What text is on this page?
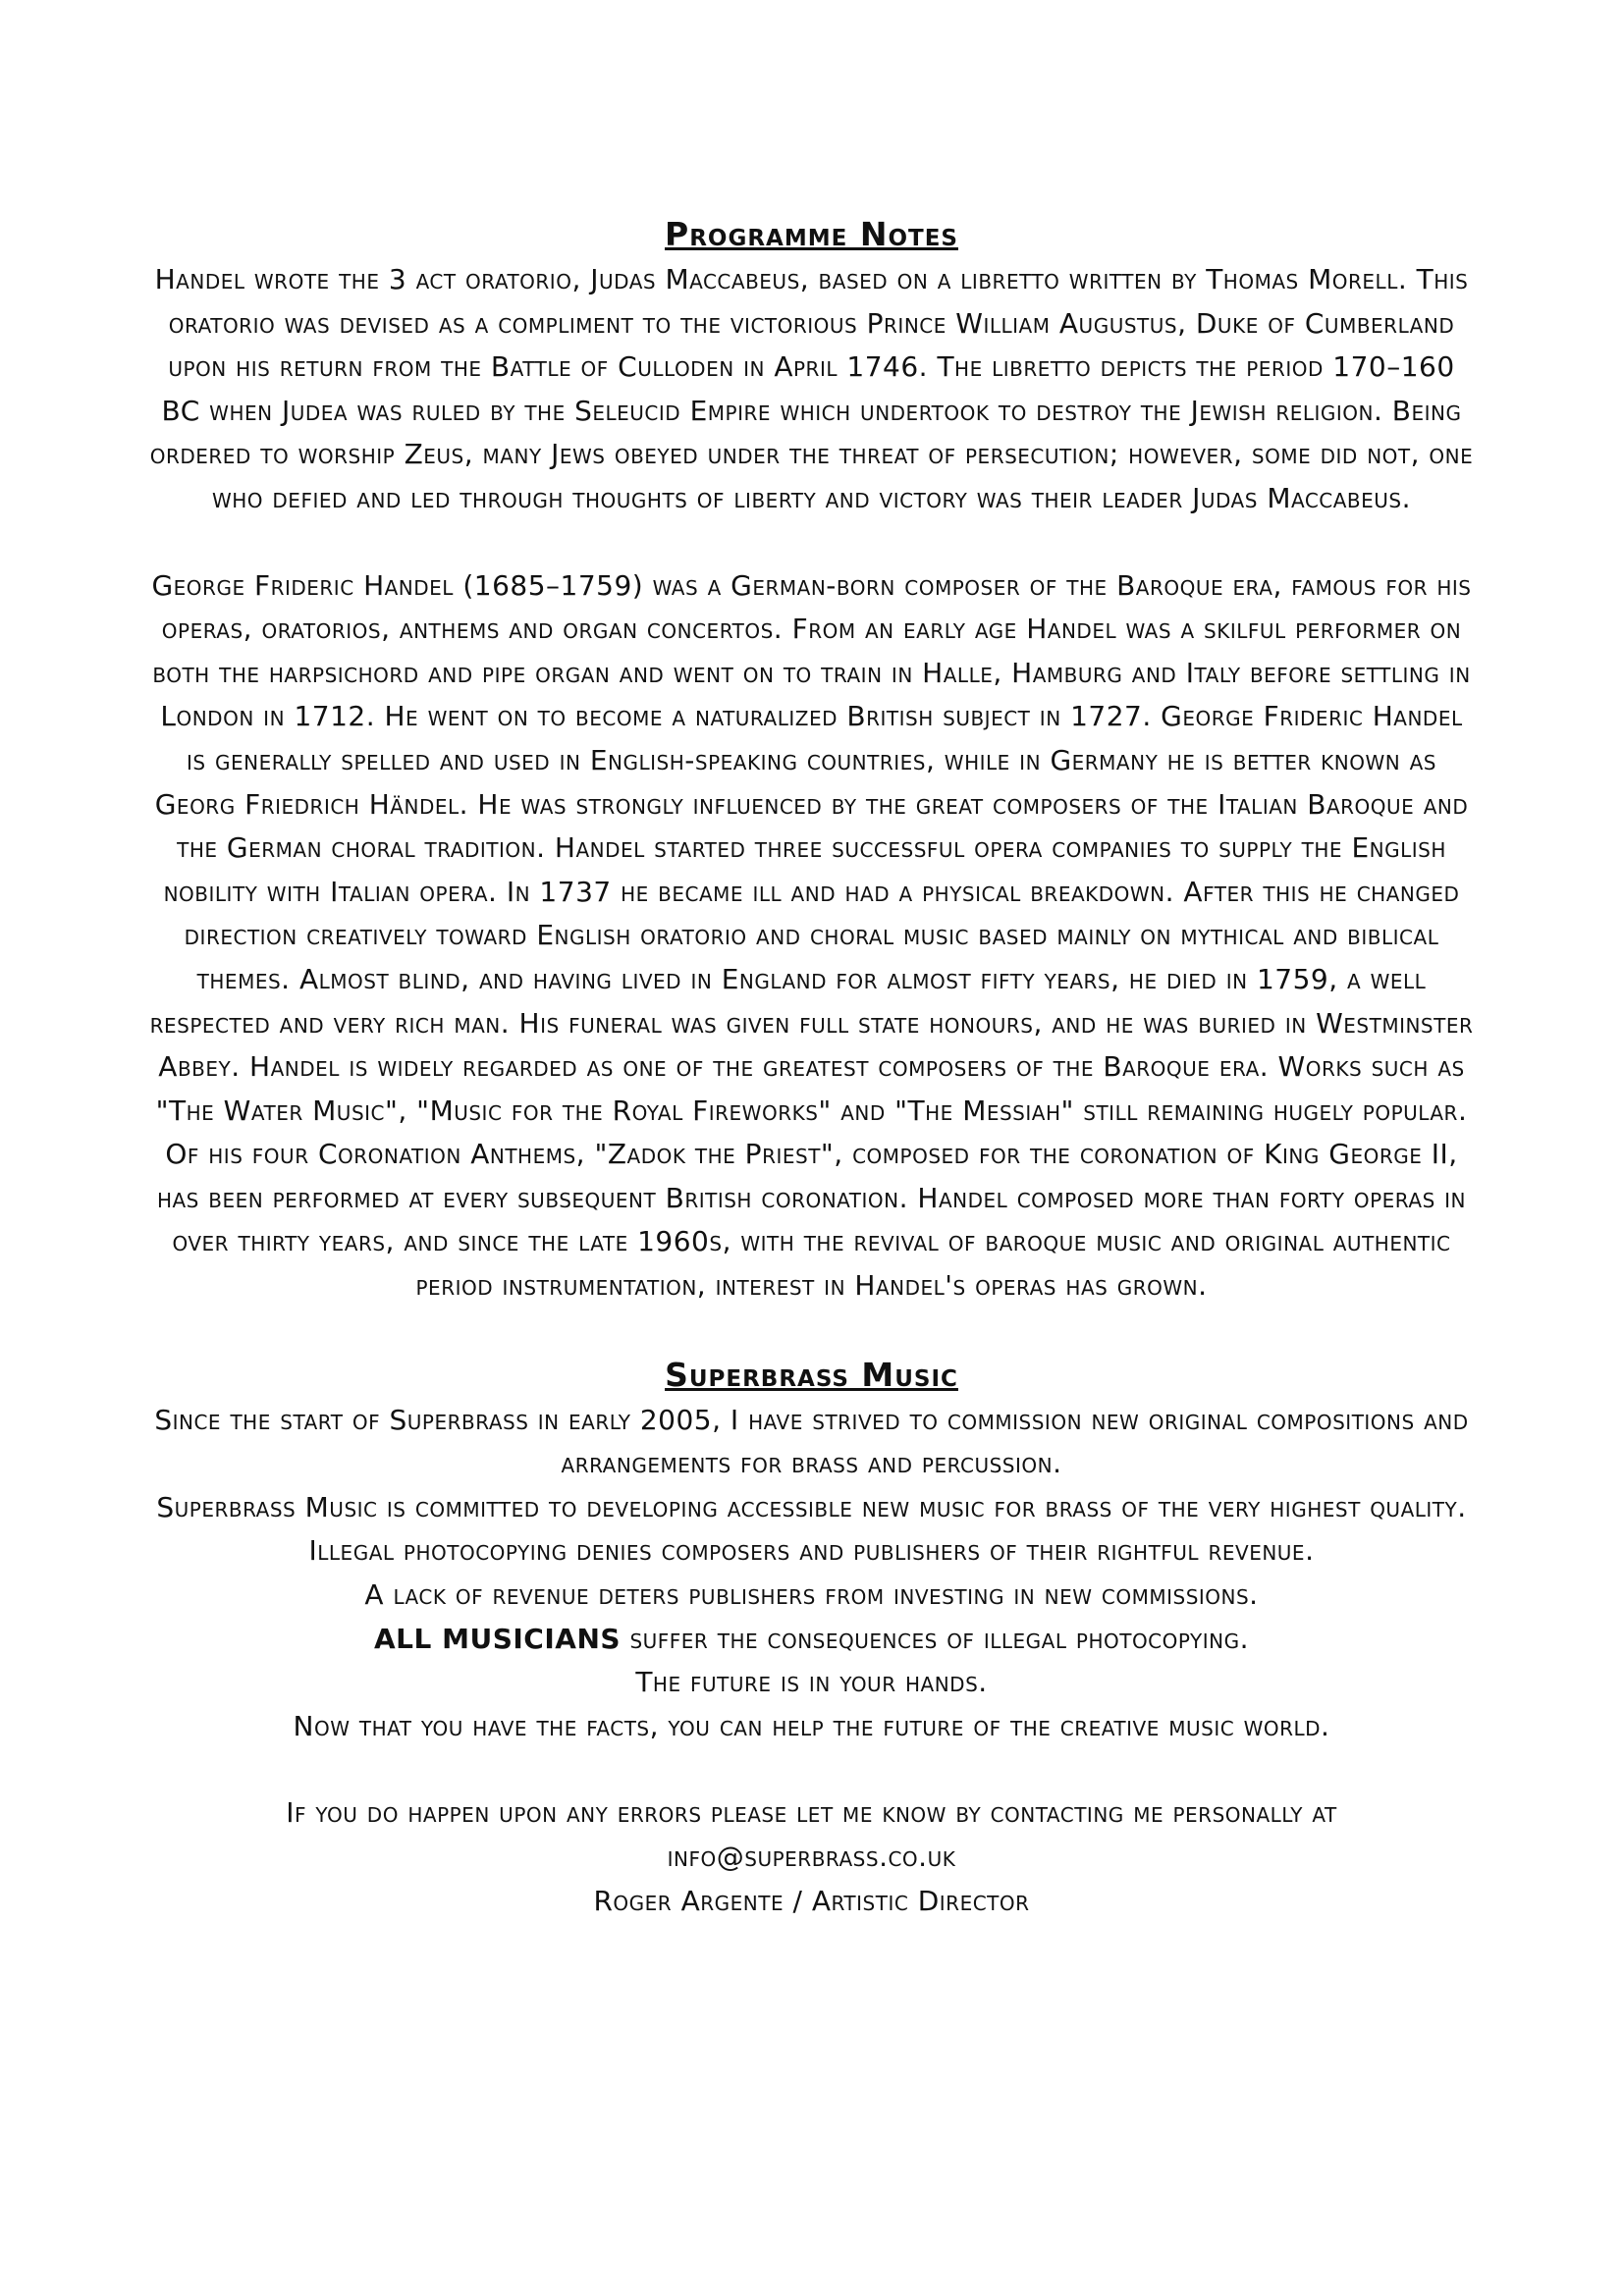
Programme Notes

Handel wrote the 3 act oratorio, Judas Maccabeus, based on a libretto written by Thomas Morell. This oratorio was devised as a compliment to the victorious Prince William Augustus, Duke of Cumberland upon his return from the Battle of Culloden in April 1746. The libretto depicts the period 170–160 BC when Judea was ruled by the Seleucid Empire which undertook to destroy the Jewish religion. Being ordered to worship Zeus, many Jews obeyed under the threat of persecution; however, some did not, one who defied and led through thoughts of liberty and victory was their leader Judas Maccabeus.

George Frideric Handel (1685–1759) was a German-born composer of the Baroque era, famous for his operas, oratorios, anthems and organ concertos. From an early age Handel was a skilful performer on both the harpsichord and pipe organ and went on to train in Halle, Hamburg and Italy before settling in London in 1712. He went on to become a naturalized British subject in 1727. George Frideric Handel is generally spelled and used in English-speaking countries, while in Germany he is better known as Georg Friedrich Händel. He was strongly influenced by the great composers of the Italian Baroque and the German choral tradition. Handel started three successful opera companies to supply the English nobility with Italian opera. In 1737 he became ill and had a physical breakdown. After this he changed direction creatively toward English oratorio and choral music based mainly on mythical and biblical themes. Almost blind, and having lived in England for almost fifty years, he died in 1759, a well respected and very rich man. His funeral was given full state honours, and he was buried in Westminster Abbey. Handel is widely regarded as one of the greatest composers of the Baroque era. Works such as "The Water Music", "Music for the Royal Fireworks" and "The Messiah" still remaining hugely popular. Of his four Coronation Anthems, "Zadok the Priest", composed for the coronation of King George II, has been performed at every subsequent British coronation. Handel composed more than forty operas in over thirty years, and since the late 1960s, with the revival of baroque music and original authentic period instrumentation, interest in Handel's operas has grown.

Superbrass Music

Since the start of Superbrass in early 2005, I have strived to commission new original compositions and arrangements for brass and percussion.

Superbrass Music is committed to developing accessible new music for brass of the very highest quality.

Illegal photocopying denies composers and publishers of their rightful revenue.

A lack of revenue deters publishers from investing in new commissions.

ALL MUSICIANS suffer the consequences of illegal photocopying.

The future is in your hands.

Now that you have the facts, you can help the future of the creative music world.

If you do happen upon any errors please let me know by contacting me personally at

info@superbrass.co.uk

Roger Argente / Artistic Director
